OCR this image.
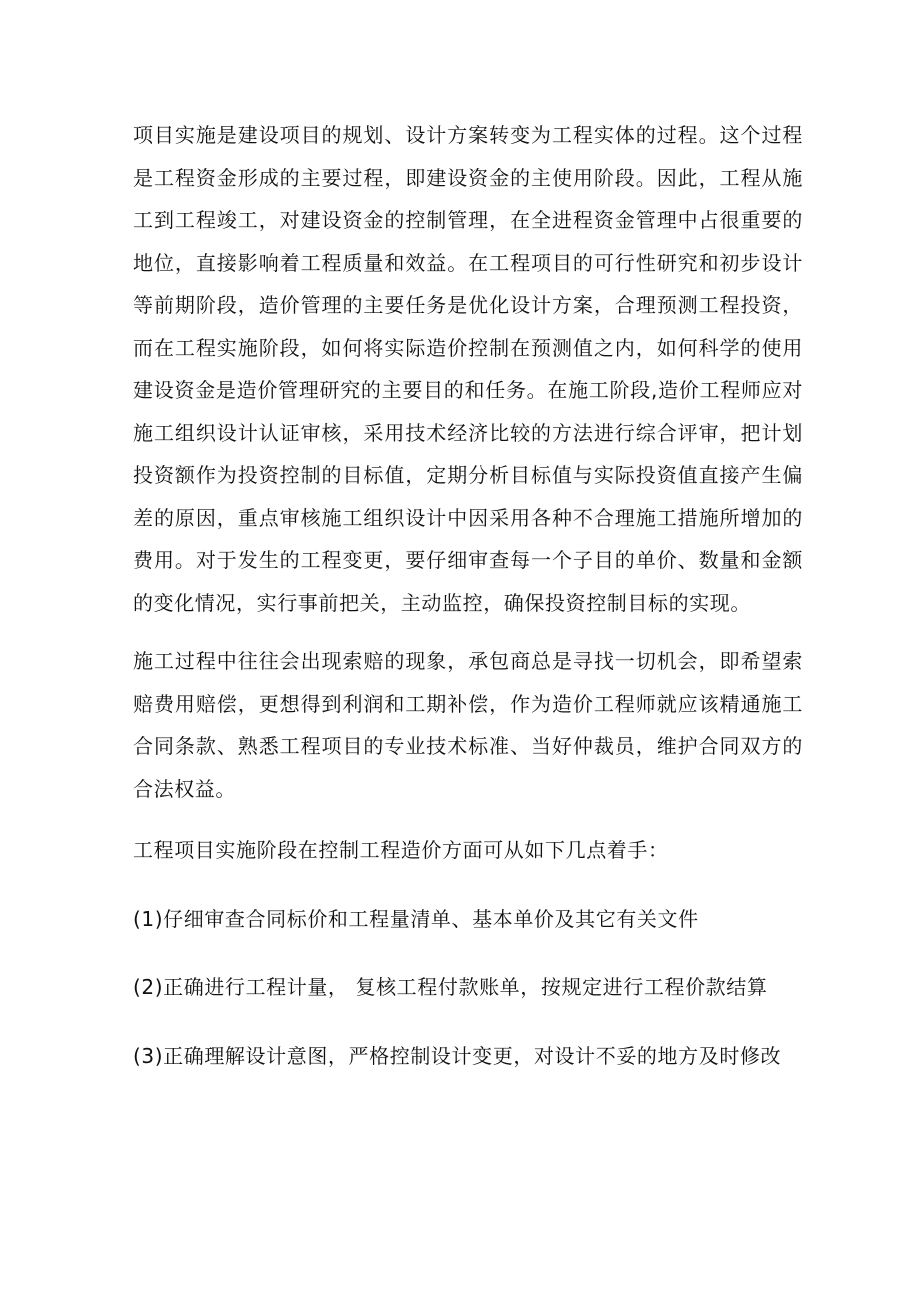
项目实施是建设项目的规划、设计方案转变为工程实体的过程。这个过程是工程资金形成的主要过程，即建设资金的主使用阶段。因此，工程从施工到工程竣工，对建设资金的控制管理，在全进程资金管理中占很重要的地位，直接影响着工程质量和效益。在工程项目的可行性研究和初步设计等前期阶段，造价管理的主要任务是优化设计方案，合理预测工程投资，而在工程实施阶段，如何将实际造价控制在预测值之内，如何科学的使用建设资金是造价管理研究的主要目的和任务。在施工阶段,造价工程师应对施工组织设计认证审核，采用技术经济比较的方法进行综合评审，把计划投资额作为投资控制的目标值，定期分析目标值与实际投资值直接产生偏差的原因，重点审核施工组织设计中因采用各种不合理施工措施所增加的费用。对于发生的工程变更，要仔细审查每一个子目的单价、数量和金额的变化情况，实行事前把关，主动监控，确保投资控制目标的实现。

施工过程中往往会出现索赔的现象，承包商总是寻找一切机会，即希望索赔费用赔偿，更想得到利润和工期补偿，作为造价工程师就应该精通施工合同条款、熟悉工程项目的专业技术标准、当好仲裁员，维护合同双方的合法权益。

工程项目实施阶段在控制工程造价方面可从如下几点着手：

(1)仔细审查合同标价和工程量清单、基本单价及其它有关文件
(2)正确进行工程计量， 复核工程付款账单，按规定进行工程价款结算
(3)正确理解设计意图，严格控制设计变更，对设计不妥的地方及时修改
